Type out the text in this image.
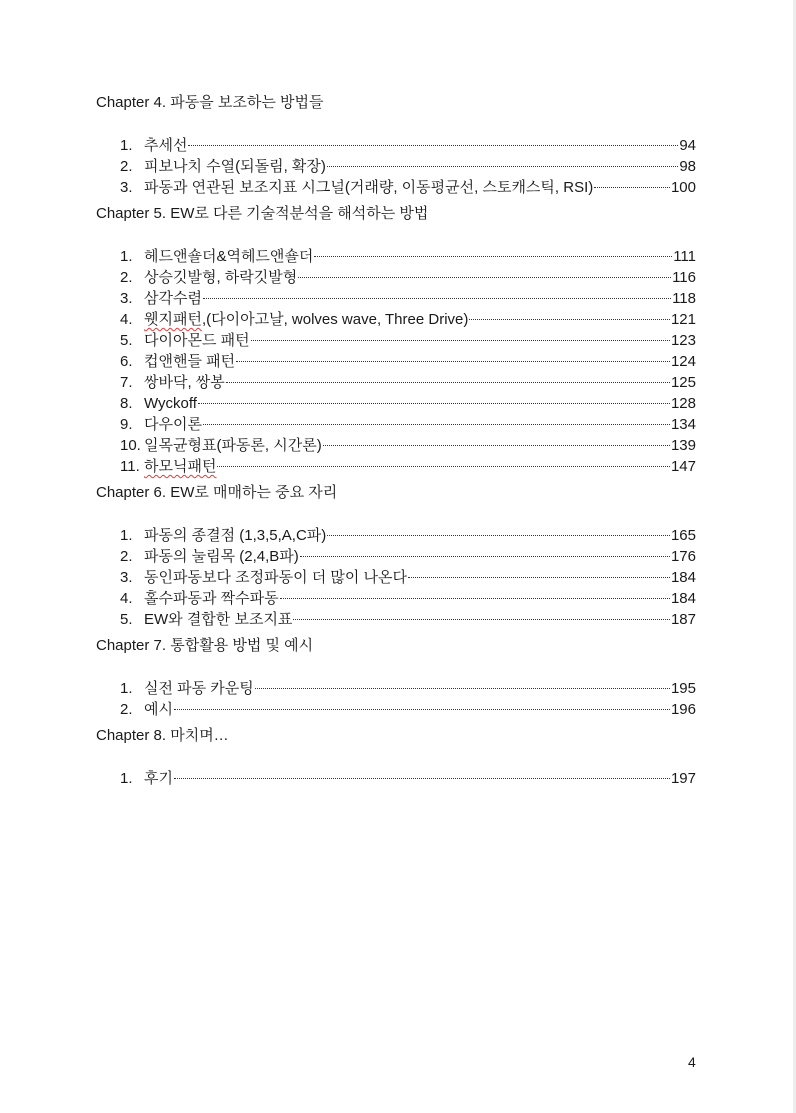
Chapter 4. 파동을 보조하는 방법들
1. 추세선	94
2. 피보나치 수열(되돌림, 확장)	98
3. 파동과 연관된 보조지표 시그널(거래량, 이동평균선, 스토캐스틱, RSI)	100
Chapter 5. EW로 다른 기술적분석을 해석하는 방법
1. 헤드앤숄더&역헤드앤숄더	111
2. 상승깃발형, 하락깃발형	116
3. 삼각수렴	118
4. 웻지패턴 ,(다이아고날, wolves wave, Three Drive)	121
5. 다이아몬드 패턴	123
6. 컵앤핸들 패턴	124
7. 쌍바닥, 쌍봉	125
8. Wyckoff	128
9. 다우이론	134
10. 일목균형표(파동론, 시간론)	139
11. 하모닉패턴	147
Chapter 6. EW로 매매하는 중요 자리
1. 파동의 종결점 (1,3,5,A,C파)	165
2. 파동의 눌림목 (2,4,B파)	176
3. 동인파동보다 조정파동이 더 많이 나온다	184
4. 홀수파동과 짝수파동	184
5. EW와 결합한 보조지표	187
Chapter 7. 통합활용 방법 및 예시
1. 실전 파동 카운팅	195
2. 예시	196
Chapter 8. 마치며…
1. 후기	197
4
